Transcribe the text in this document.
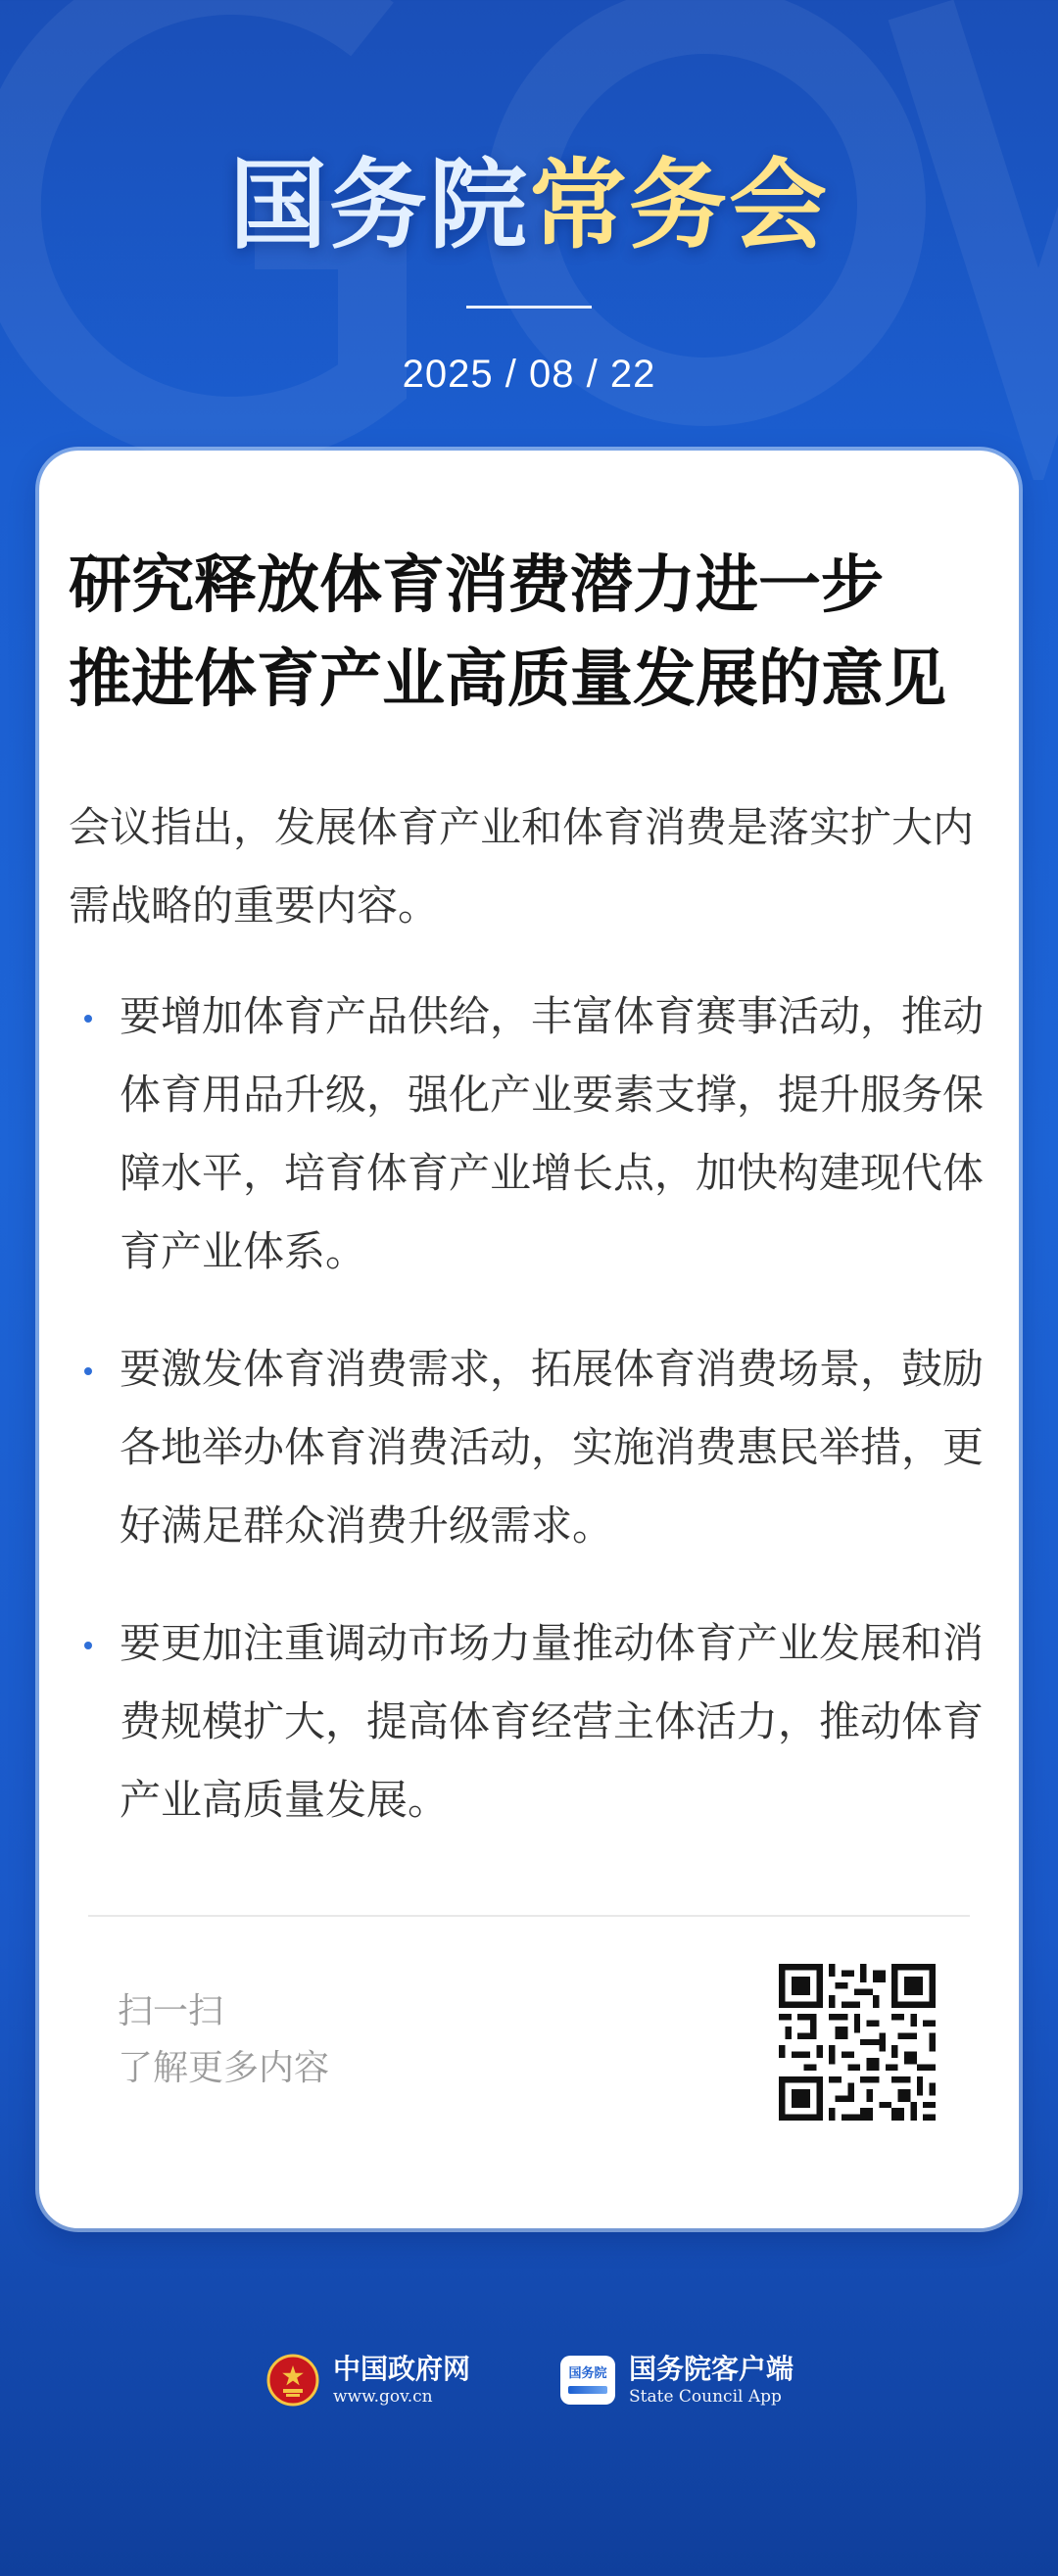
国务院常务会
2025 / 08 / 22
研究释放体育消费潜力进一步
推进体育产业高质量发展的意见
会议指出，发展体育产业和体育消费是落实扩大内需战略的重要内容。
要增加体育产品供给，丰富体育赛事活动，推动体育用品升级，强化产业要素支撑，提升服务保障水平，培育体育产业增长点，加快构建现代体育产业体系。
要激发体育消费需求，拓展体育消费场景，鼓励各地举办体育消费活动，实施消费惠民举措，更好满足群众消费升级需求。
要更加注重调动市场力量推动体育产业发展和消费规模扩大，提高体育经营主体活力，推动体育产业高质量发展。
扫一扫
了解更多内容
中国政府网
www.gov.cn
国务院 国务院客户端
State Council App
